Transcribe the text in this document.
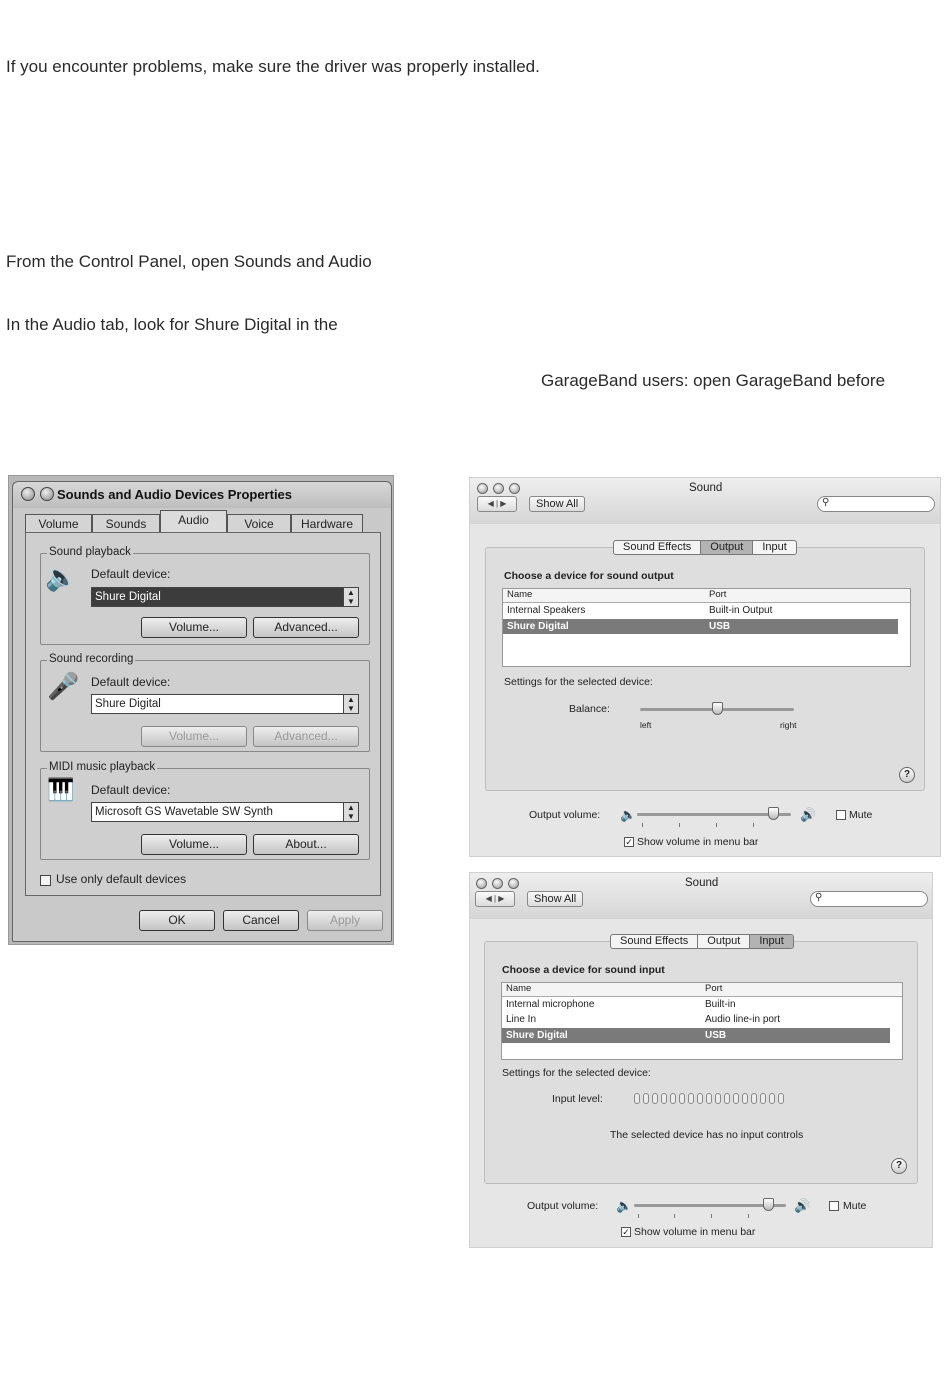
If you encounter problems, make sure the driver was properly installed.
From the Control Panel, open Sounds and Audio
In the Audio tab, look for Shure Digital in the
GarageBand users: open GarageBand before
Sounds and Audio Devices Properties
Volume	Sounds	Audio	Voice	Hardware
Sound playback
🔈 Default device:
Shure Digital	▲
▼
Volume...	Advanced...
Sound recording
🎤 Default device:
Shure Digital	▲
▼
Volume...	Advanced...
MIDI music playback
🎹 Default device:
Microsoft GS Wavetable SW Synth	▲
▼
Volume...	About...
Use only default devices
OK	Cancel	Apply
Sound
◀ | ▶	Show All	⚲
Sound Effects	Output	Input
Choose a device for sound output
Name	Port
Internal Speakers	Built-in Output
Shure Digital	USB
Settings for the selected device:
Balance:
left	right
?
Output volume: 🔈	🔊	Mute
✓ Show volume in menu bar
Sound
◀ | ▶	Show All	⚲
Sound Effects	Output	Input
Choose a device for sound input
Name	Port
Internal microphone	Built-in
Line In	Audio line-in port
Shure Digital	USB
Settings for the selected device:
Input level:
The selected device has no input controls
?
Output volume: 🔈	🔊	Mute
✓ Show volume in menu bar
